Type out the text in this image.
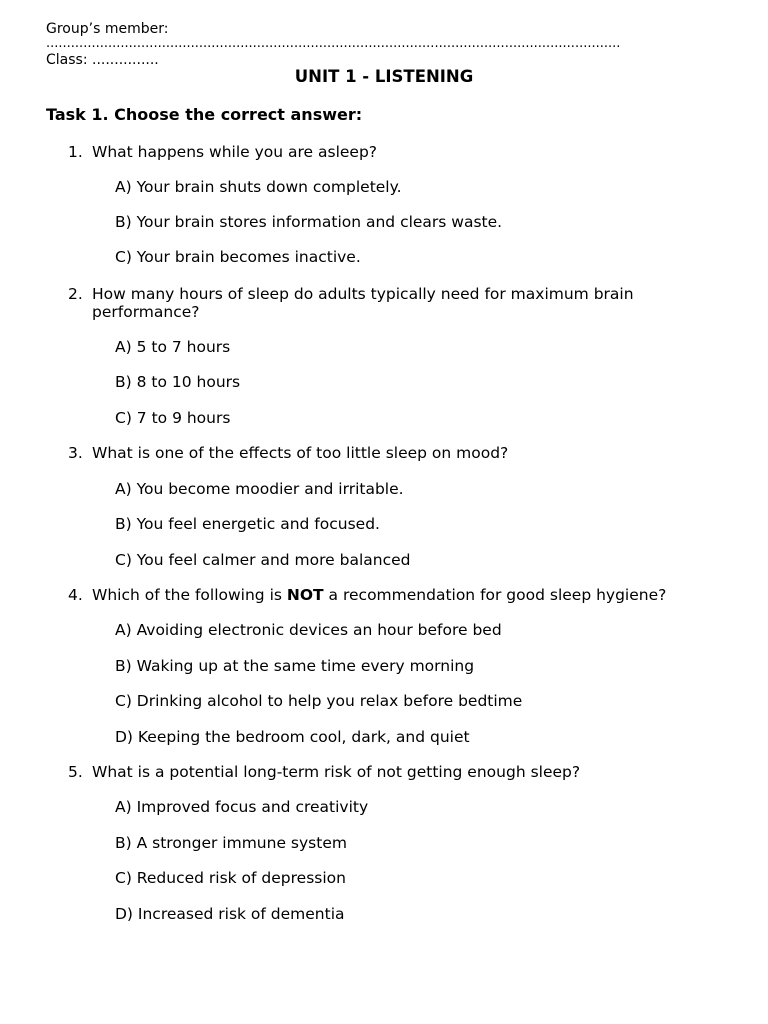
Group’s member:
...........................................................................................................................................
Class: ...............
UNIT 1 - LISTENING
Task 1. Choose the correct answer:
1. What happens while you are asleep?
A) Your brain shuts down completely.
B) Your brain stores information and clears waste.
C) Your brain becomes inactive.
2. How many hours of sleep do adults typically need for maximum brain performance?
A) 5 to 7 hours
B) 8 to 10 hours
C) 7 to 9 hours
3. What is one of the effects of too little sleep on mood?
A) You become moodier and irritable.
B) You feel energetic and focused.
C) You feel calmer and more balanced
4. Which of the following is NOT a recommendation for good sleep hygiene?
A) Avoiding electronic devices an hour before bed
B) Waking up at the same time every morning
C) Drinking alcohol to help you relax before bedtime
D) Keeping the bedroom cool, dark, and quiet
5. What is a potential long-term risk of not getting enough sleep?
A) Improved focus and creativity
B) A stronger immune system
C) Reduced risk of depression
D) Increased risk of dementia
